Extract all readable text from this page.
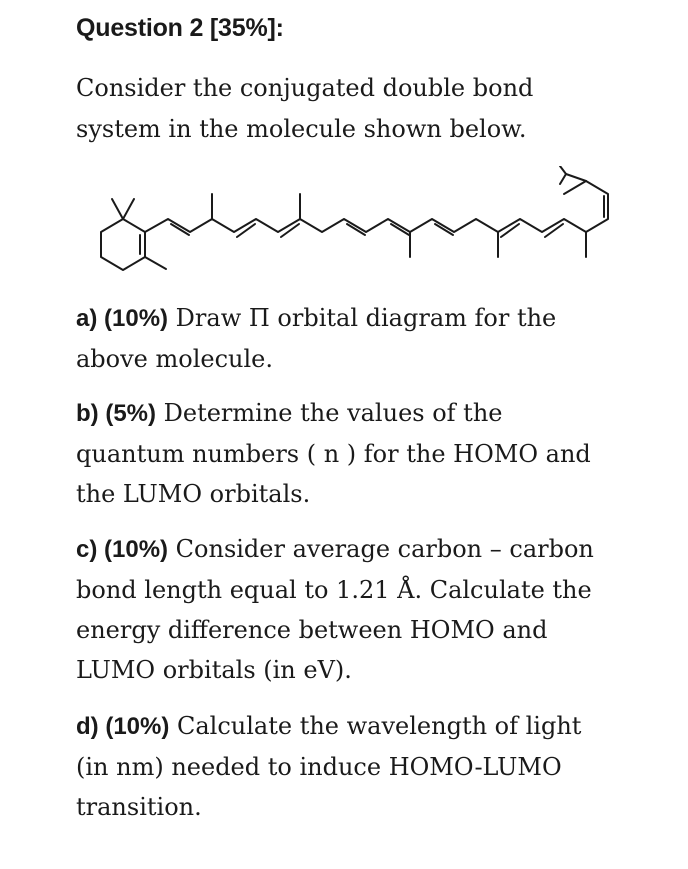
Question 2 [35%]:
Consider the conjugated double bond
system in the molecule shown below.
a) (10%) Draw Π orbital diagram for the
above molecule.
b) (5%) Determine the values of the
quantum numbers ( n ) for the HOMO and
the LUMO orbitals.
c) (10%) Consider average carbon – carbon
bond length equal to 1.21 Å. Calculate the
energy difference between HOMO and
LUMO orbitals (in eV).
d) (10%) Calculate the wavelength of light
(in nm) needed to induce HOMO-LUMO
transition.
